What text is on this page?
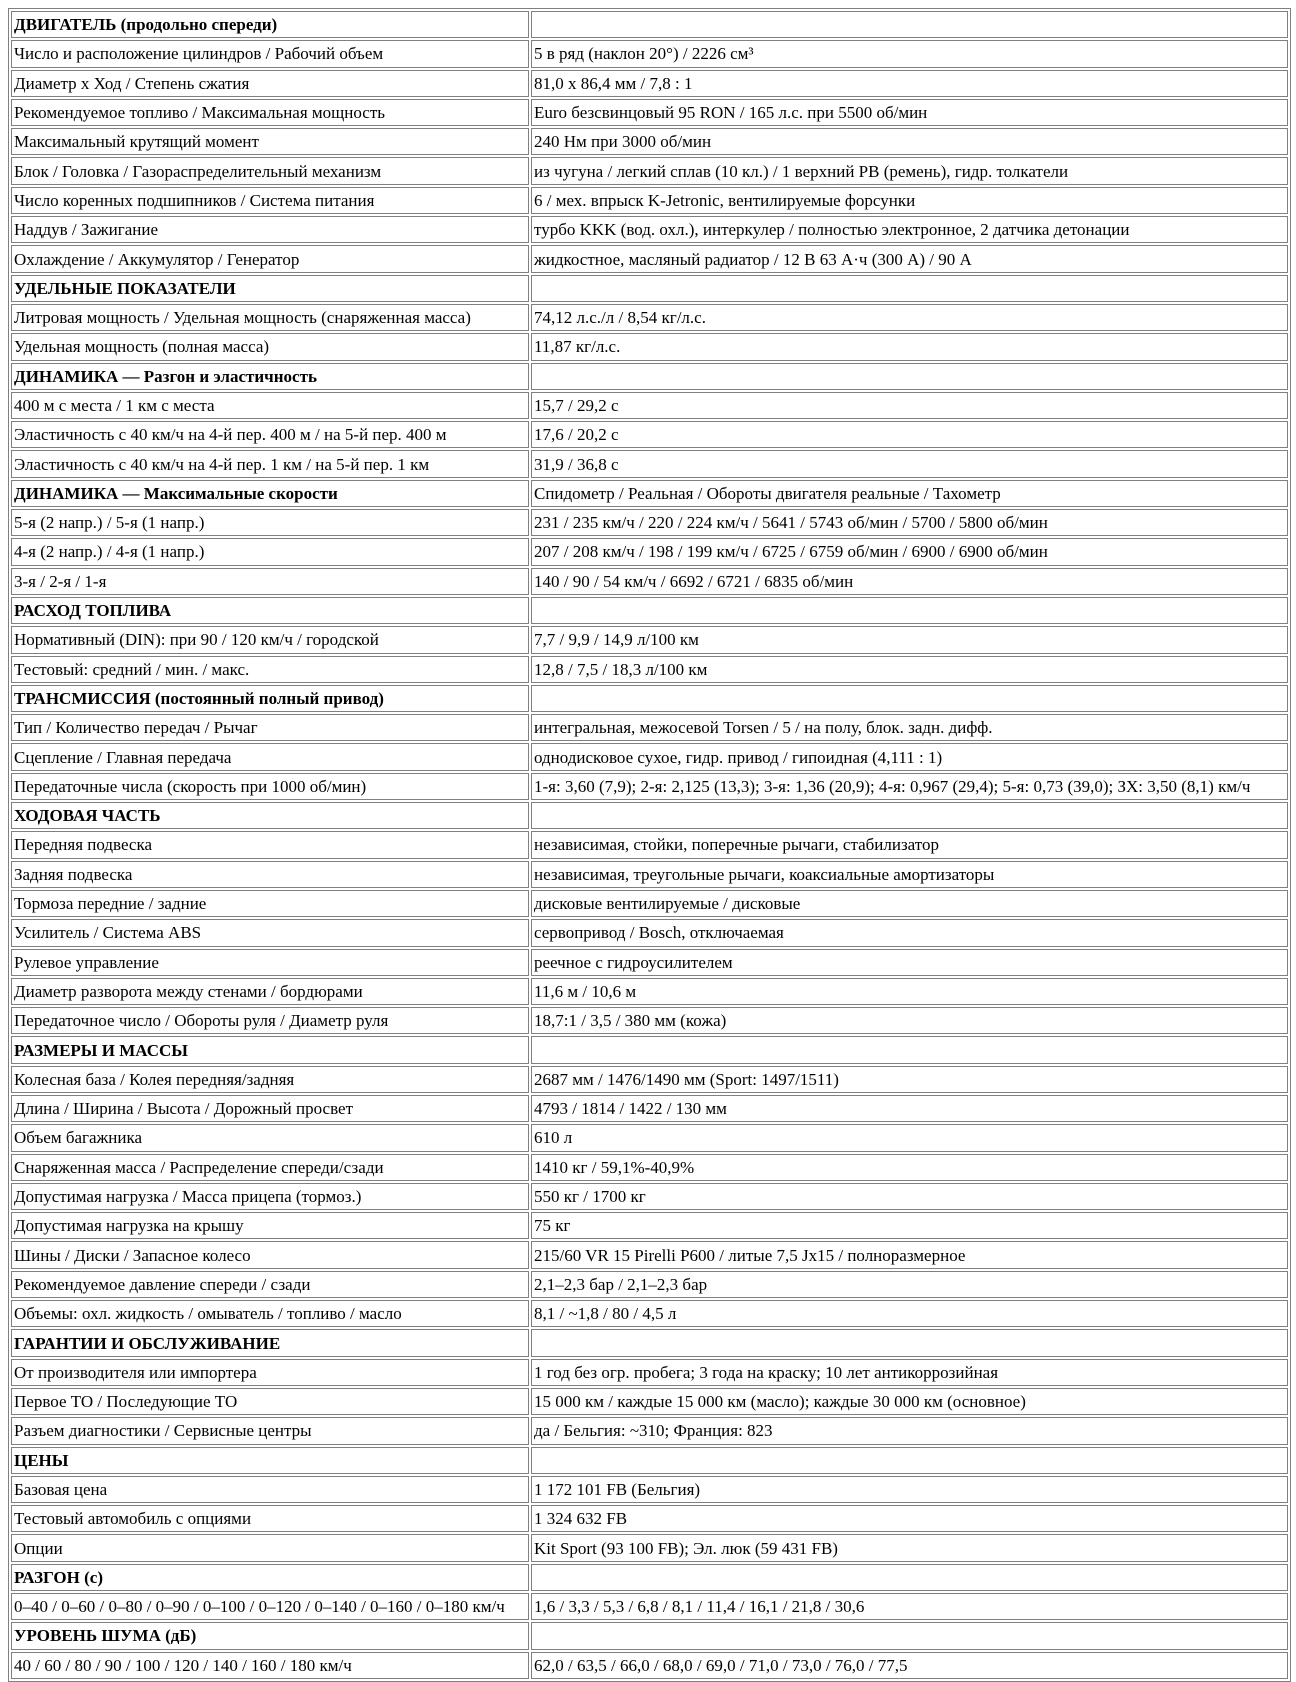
ДВИГАТЕЛЬ (продольно спереди)	
Число и расположение цилиндров / Рабочий объем	5 в ряд (наклон 20°) / 2226 см³
Диаметр х Ход / Степень сжатия	81,0 х 86,4 мм / 7,8 : 1
Рекомендуемое топливо / Максимальная мощность	Euro безсвинцовый 95 RON / 165 л.с. при 5500 об/мин
Максимальный крутящий момент	240 Нм при 3000 об/мин
Блок / Головка / Газораспределительный механизм	из чугуна / легкий сплав (10 кл.) / 1 верхний РВ (ремень), гидр. толкатели
Число коренных подшипников / Система питания	6 / мех. впрыск K-Jetronic, вентилируемые форсунки
Наддув / Зажигание	турбо KKK (вод. охл.), интеркулер / полностью электронное, 2 датчика детонации
Охлаждение / Аккумулятор / Генератор	жидкостное, масляный радиатор / 12 В 63 А·ч (300 А) / 90 А
УДЕЛЬНЫЕ ПОКАЗАТЕЛИ	
Литровая мощность / Удельная мощность (снаряженная масса)	74,12 л.с./л / 8,54 кг/л.с.
Удельная мощность (полная масса)	11,87 кг/л.с.
ДИНАМИКА — Разгон и эластичность	
400 м с места / 1 км с места	15,7 / 29,2 с
Эластичность с 40 км/ч на 4-й пер. 400 м / на 5-й пер. 400 м	17,6 / 20,2 с
Эластичность с 40 км/ч на 4-й пер. 1 км / на 5-й пер. 1 км	31,9 / 36,8 с
ДИНАМИКА — Максимальные скорости	Спидометр / Реальная / Обороты двигателя реальные / Тахометр
5-я (2 напр.) / 5-я (1 напр.)	231 / 235 км/ч / 220 / 224 км/ч / 5641 / 5743 об/мин / 5700 / 5800 об/мин
4-я (2 напр.) / 4-я (1 напр.)	207 / 208 км/ч / 198 / 199 км/ч / 6725 / 6759 об/мин / 6900 / 6900 об/мин
3-я / 2-я / 1-я	140 / 90 / 54 км/ч / 6692 / 6721 / 6835 об/мин
РАСХОД ТОПЛИВА	
Нормативный (DIN): при 90 / 120 км/ч / городской	7,7 / 9,9 / 14,9 л/100 км
Тестовый: средний / мин. / макс.	12,8 / 7,5 / 18,3 л/100 км
ТРАНСМИССИЯ (постоянный полный привод)	
Тип / Количество передач / Рычаг	интегральная, межосевой Torsen / 5 / на полу, блок. задн. дифф.
Сцепление / Главная передача	однодисковое сухое, гидр. привод / гипоидная (4,111 : 1)
Передаточные числа (скорость при 1000 об/мин)	1-я: 3,60 (7,9); 2-я: 2,125 (13,3); 3-я: 1,36 (20,9); 4-я: 0,967 (29,4); 5-я: 0,73 (39,0); ЗХ: 3,50 (8,1) км/ч
ХОДОВАЯ ЧАСТЬ	
Передняя подвеска	независимая, стойки, поперечные рычаги, стабилизатор
Задняя подвеска	независимая, треугольные рычаги, коаксиальные амортизаторы
Тормоза передние / задние	дисковые вентилируемые / дисковые
Усилитель / Система ABS	сервопривод / Bosch, отключаемая
Рулевое управление	реечное с гидроусилителем
Диаметр разворота между стенами / бордюрами	11,6 м / 10,6 м
Передаточное число / Обороты руля / Диаметр руля	18,7:1 / 3,5 / 380 мм (кожа)
РАЗМЕРЫ И МАССЫ	
Колесная база / Колея передняя/задняя	2687 мм / 1476/1490 мм (Sport: 1497/1511)
Длина / Ширина / Высота / Дорожный просвет	4793 / 1814 / 1422 / 130 мм
Объем багажника	610 л
Снаряженная масса / Распределение спереди/сзади	1410 кг / 59,1%-40,9%
Допустимая нагрузка / Масса прицепа (тормоз.)	550 кг / 1700 кг
Допустимая нагрузка на крышу	75 кг
Шины / Диски / Запасное колесо	215/60 VR 15 Pirelli P600 / литые 7,5 Jx15 / полноразмерное
Рекомендуемое давление спереди / сзади	2,1–2,3 бар / 2,1–2,3 бар
Объемы: охл. жидкость / омыватель / топливо / масло	8,1 / ~1,8 / 80 / 4,5 л
ГАРАНТИИ И ОБСЛУЖИВАНИЕ	
От производителя или импортера	1 год без огр. пробега; 3 года на краску; 10 лет антикоррозийная
Первое ТО / Последующие ТО	15 000 км / каждые 15 000 км (масло); каждые 30 000 км (основное)
Разъем диагностики / Сервисные центры	да / Бельгия: ~310; Франция: 823
ЦЕНЫ	
Базовая цена	1 172 101 FB (Бельгия)
Тестовый автомобиль с опциями	1 324 632 FB
Опции	Kit Sport (93 100 FB); Эл. люк (59 431 FB)
РАЗГОН (с)	
0–40 / 0–60 / 0–80 / 0–90 / 0–100 / 0–120 / 0–140 / 0–160 / 0–180 км/ч	1,6 / 3,3 / 5,3 / 6,8 / 8,1 / 11,4 / 16,1 / 21,8 / 30,6
УРОВЕНЬ ШУМА (дБ)	
40 / 60 / 80 / 90 / 100 / 120 / 140 / 160 / 180 км/ч	62,0 / 63,5 / 66,0 / 68,0 / 69,0 / 71,0 / 73,0 / 76,0 / 77,5
